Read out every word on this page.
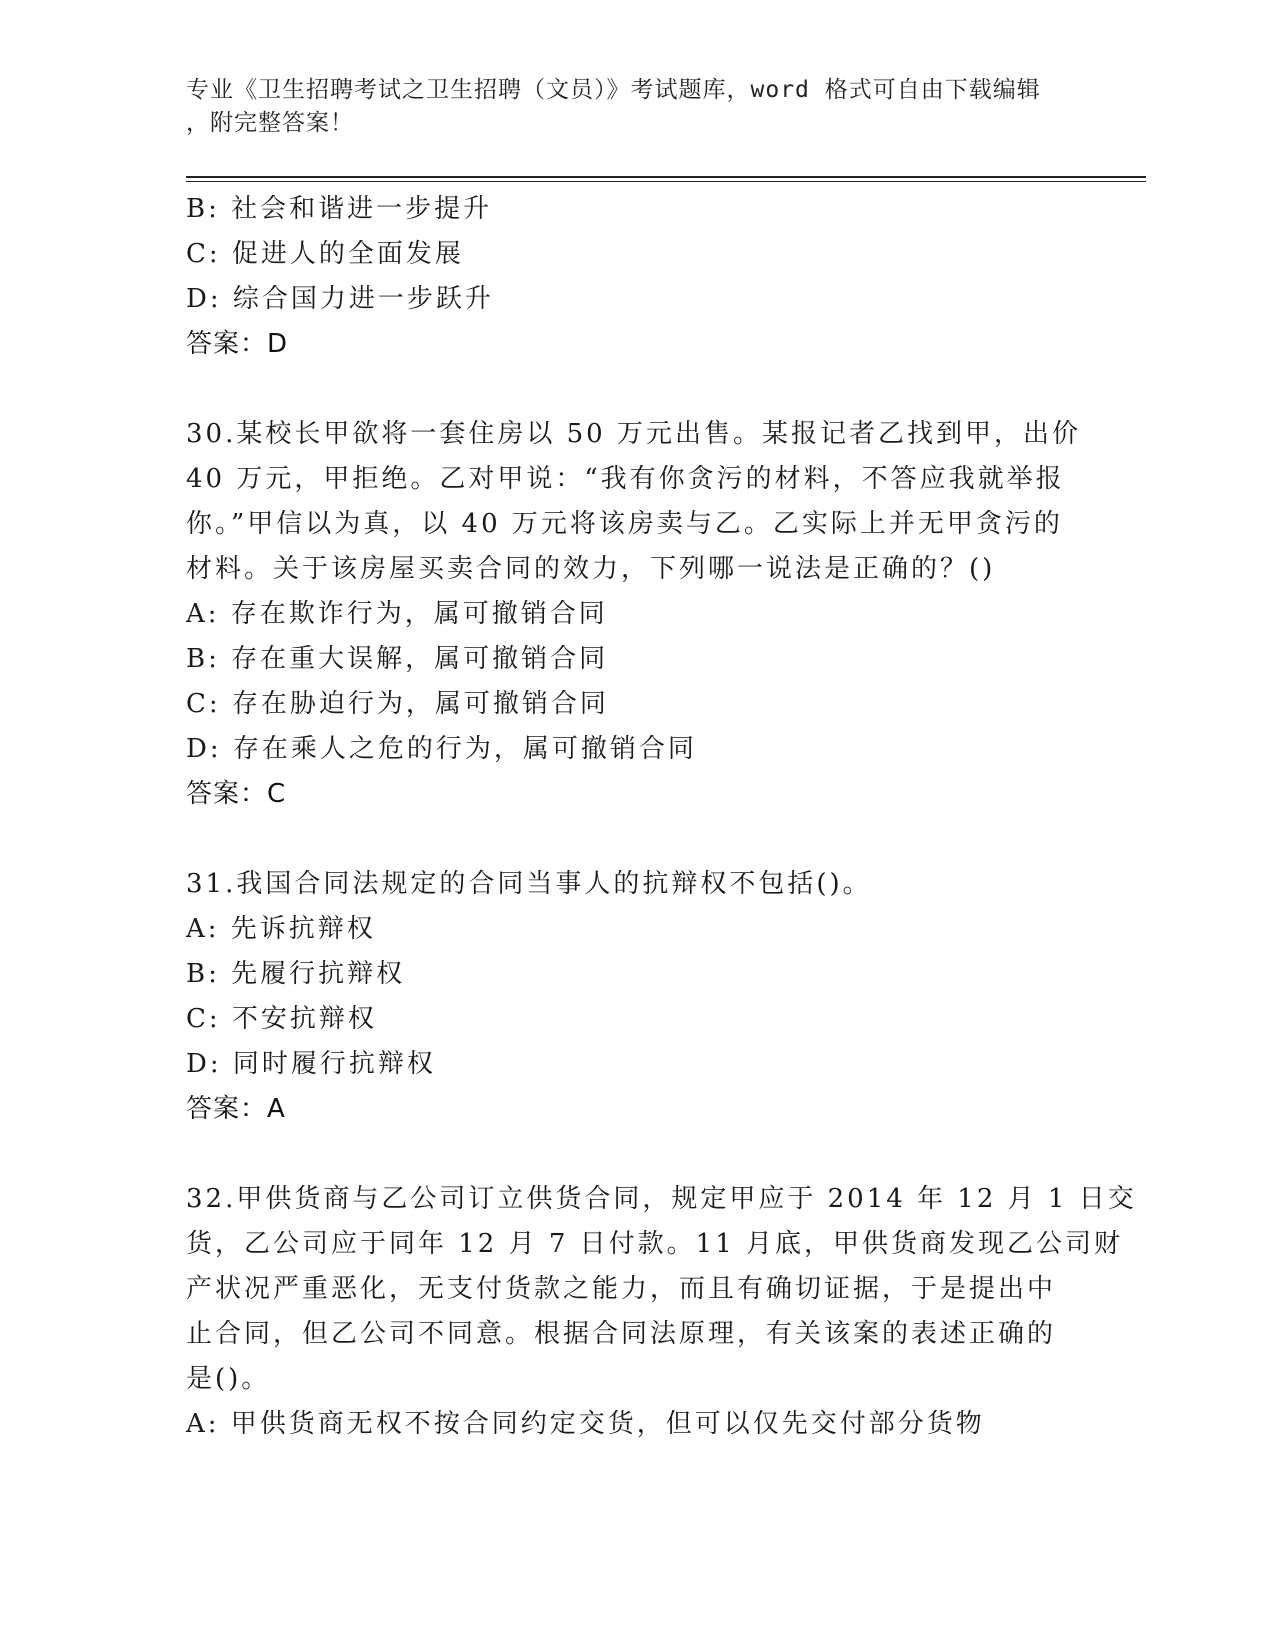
专业《卫生招聘考试之卫生招聘（文员）》考试题库，word 格式可自由下载编辑
，附完整答案！
B: 社会和谐进一步提升
C: 促进人的全面发展
D: 综合国力进一步跃升
答案：D
30.某校长甲欲将一套住房以 50 万元出售。某报记者乙找到甲，出价
40 万元，甲拒绝。乙对甲说：“我有你贪污的材料，不答应我就举报
你。”甲信以为真，以 40 万元将该房卖与乙。乙实际上并无甲贪污的
材料。关于该房屋买卖合同的效力，下列哪一说法是正确的？()
A: 存在欺诈行为，属可撤销合同
B: 存在重大误解，属可撤销合同
C: 存在胁迫行为，属可撤销合同
D: 存在乘人之危的行为，属可撤销合同
答案：C
31.我国合同法规定的合同当事人的抗辩权不包括()。
A: 先诉抗辩权
B: 先履行抗辩权
C: 不安抗辩权
D: 同时履行抗辩权
答案：A
32.甲供货商与乙公司订立供货合同，规定甲应于 2014 年 12 月 1 日交
货，乙公司应于同年 12 月 7 日付款。11 月底，甲供货商发现乙公司财
产状况严重恶化，无支付货款之能力，而且有确切证据，于是提出中
止合同，但乙公司不同意。根据合同法原理，有关该案的表述正确的
是()。
A: 甲供货商无权不按合同约定交货，但可以仅先交付部分货物
